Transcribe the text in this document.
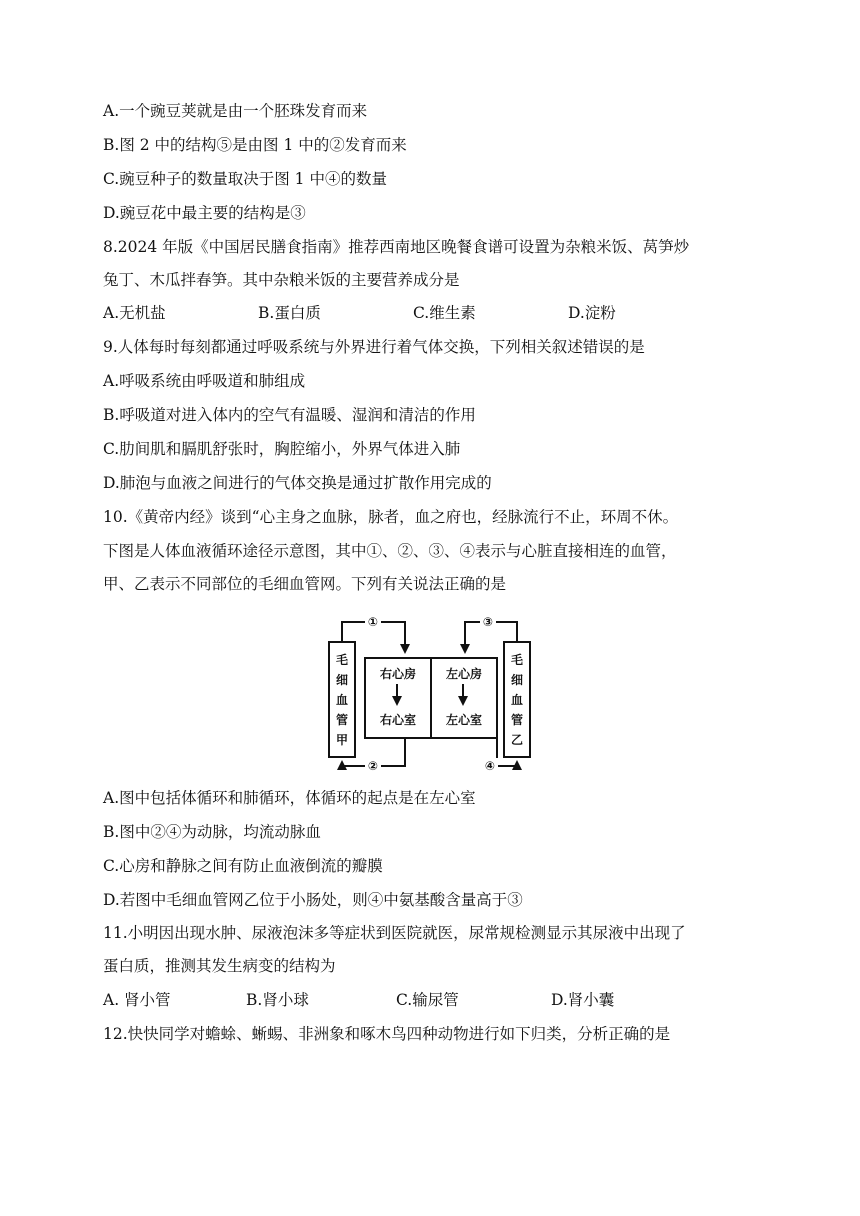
A.一个豌豆荚就是由一个胚珠发育而来
B.图 2 中的结构⑤是由图 1 中的②发育而来
C.豌豆种子的数量取决于图 1 中④的数量
D.豌豆花中最主要的结构是③
8.2024 年版《中国居民膳食指南》推荐西南地区晚餐食谱可设置为杂粮米饭、莴笋炒
兔丁、木瓜拌春笋。其中杂粮米饭的主要营养成分是
A.无机盐	B.蛋白质	C.维生素	D.淀粉
9.人体每时每刻都通过呼吸系统与外界进行着气体交换，下列相关叙述错误的是
A.呼吸系统由呼吸道和肺组成
B.呼吸道对进入体内的空气有温暖、湿润和清洁的作用
C.肋间肌和膈肌舒张时，胸腔缩小，外界气体进入肺
D.肺泡与血液之间进行的气体交换是通过扩散作用完成的
10.《黄帝内经》谈到“心主身之血脉，脉者，血之府也，经脉流行不止，环周不休。
下图是人体血液循环途径示意图，其中①、②、③、④表示与心脏直接相连的血管，
甲、乙表示不同部位的毛细血管网。下列有关说法正确的是
右心房 左心房
右心室 左心室
毛
细
血
管
甲
毛
细
血
管
乙
①	③
②	④
A.图中包括体循环和肺循环，体循环的起点是在左心室
B.图中②④为动脉，均流动脉血
C.心房和静脉之间有防止血液倒流的瓣膜
D.若图中毛细血管网乙位于小肠处，则④中氨基酸含量高于③
11.小明因出现水肿、尿液泡沫多等症状到医院就医，尿常规检测显示其尿液中出现了
蛋白质，推测其发生病变的结构为
A. 肾小管	B.肾小球	C.输尿管	D.肾小囊
12.快快同学对蟾蜍、蜥蜴、非洲象和啄木鸟四种动物进行如下归类，分析正确的是
